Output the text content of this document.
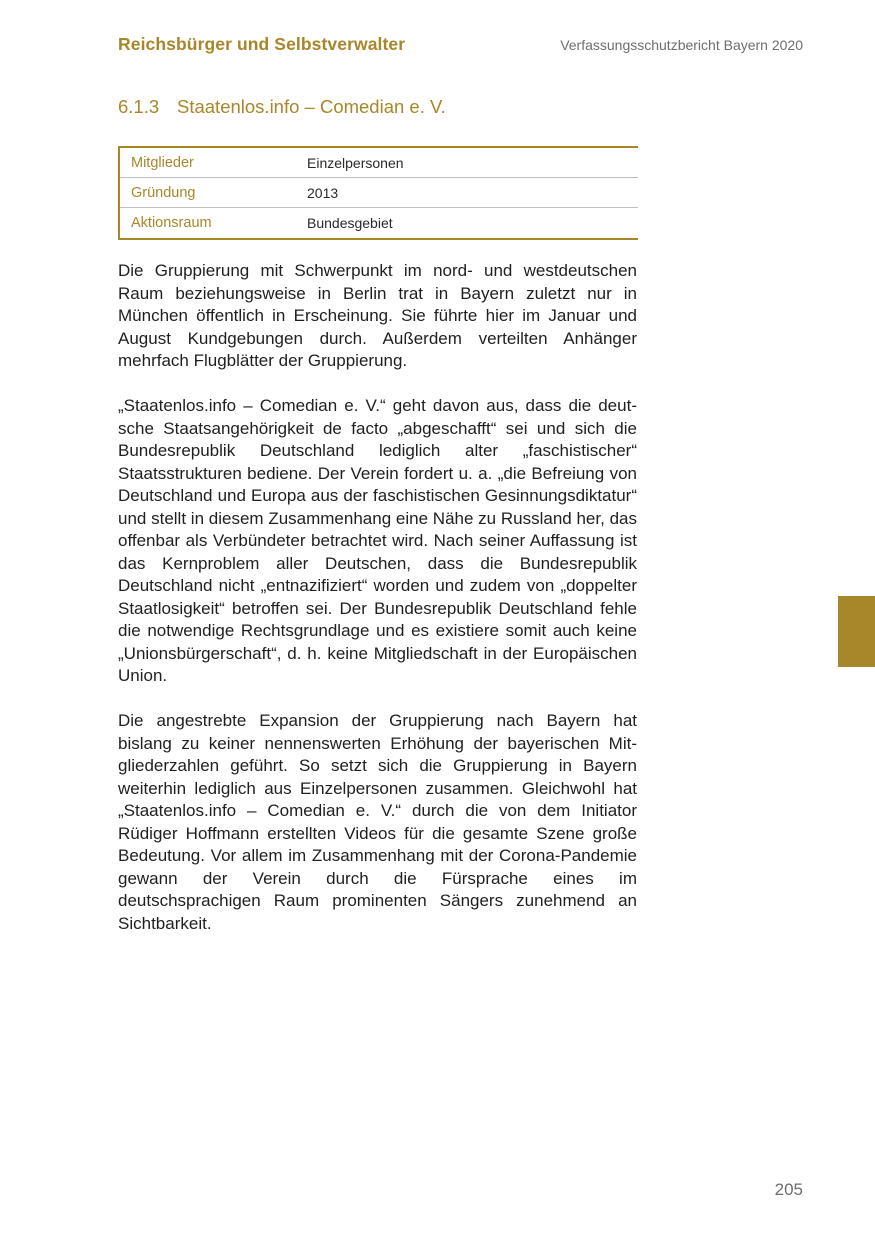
Reichsbürger und Selbstverwalter	Verfassungsschutzbericht Bayern 2020
6.1.3 Staatenlos.info – Comedian e. V.
Mitglieder	Einzelpersonen
Gründung	2013
Aktionsraum	Bundesgebiet

Die Gruppierung mit Schwerpunkt im nord- und westdeutschen Raum beziehungsweise in Berlin trat in Bayern zuletzt nur in München öffentlich in Erscheinung. Sie führte hier im Januar und August Kundgebungen durch. Außerdem verteilten Anhänger mehrfach Flugblätter der Gruppierung.

„Staatenlos.info – Comedian e. V.“ geht davon aus, dass die deutsche Staatsangehörigkeit de facto „abgeschafft“ sei und sich die Bundesrepublik Deutschland lediglich alter „faschistischer“ Staatsstrukturen bediene. Der Verein fordert u. a. „die Befreiung von Deutschland und Europa aus der faschistischen Gesinnungsdiktatur“ und stellt in diesem Zusammenhang eine Nähe zu Russland her, das offenbar als Verbündeter betrachtet wird. Nach seiner Auffassung ist das Kernproblem aller Deutschen, dass die Bundesrepublik Deutschland nicht „entnazifiziert“ worden und zudem von „doppelter Staatlosigkeit“ betroffen sei. Der Bundesrepublik Deutschland fehle die notwendige Rechtsgrundlage und es existiere somit auch keine „Unionsbürgerschaft“, d. h. keine Mitgliedschaft in der Europäischen Union.

Die angestrebte Expansion der Gruppierung nach Bayern hat bislang zu keiner nennenswerten Erhöhung der bayerischen Mitgliederzahlen geführt. So setzt sich die Gruppierung in Bayern weiterhin lediglich aus Einzelpersonen zusammen. Gleichwohl hat „Staatenlos.info – Comedian e. V.“ durch die von dem Initiator Rüdiger Hoffmann erstellten Videos für die gesamte Szene große Bedeutung. Vor allem im Zusammenhang mit der Corona-Pandemie gewann der Verein durch die Fürsprache eines im deutschsprachigen Raum prominenten Sängers zunehmend an Sichtbarkeit.

205
